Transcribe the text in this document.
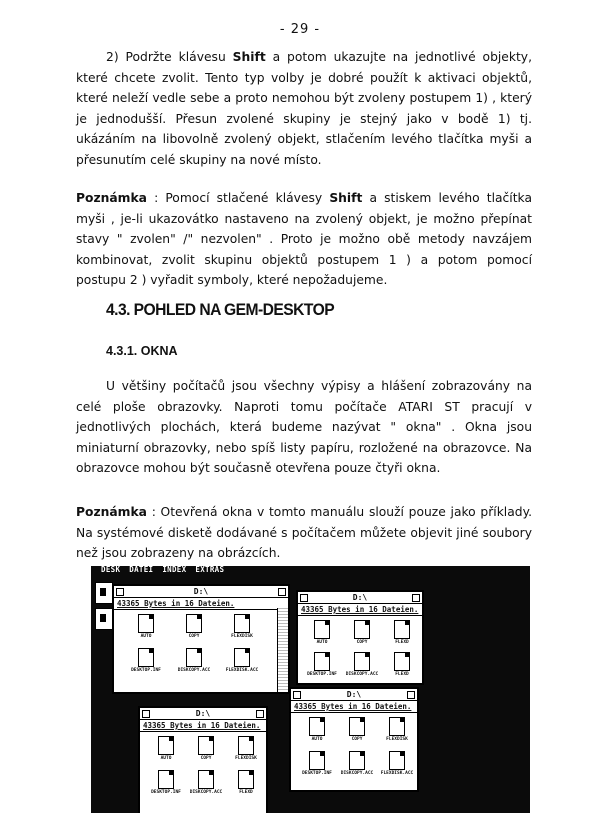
- 29 -

2) Podržte klávesu Shift a potom ukazujte na jednotlivé objekty, které chcete zvolit. Tento typ volby je dobré použít k aktivaci objektů, které neleží vedle sebe a proto nemohou být zvoleny postupem 1) , který je jednodušší. Přesun zvolené skupiny je stejný jako v bodě 1) tj. ukázáním na libovolně zvolený objekt, stlačením levého tlačítka myši a přesunutím celé skupiny na nové místo.

Poznámka : Pomocí stlačené klávesy Shift a stiskem levého tlačítka myši , je-li ukazovátko nastaveno na zvolený objekt, je možno přepínat stavy " zvolen" /" nezvolen" . Proto je možno obě metody navzájem kombinovat, zvolit skupinu objektů postupem 1 ) a potom pomocí postupu 2 ) vyřadit symboly, které nepožadujeme.

4.3. POHLED NA GEM-DESKTOP
4.3.1. OKNA

U většiny počítačů jsou všechny výpisy a hlášení zobrazovány na celé ploše obrazovky. Naproti tomu počítače ATARI ST pracují v jednotlivých plochách, která budeme nazývat " okna" . Okna jsou miniaturní obrazovky, nebo spíš listy papíru, rozložené na obrazovce. Na obrazovce mohou být současně otevřena pouze čtyři okna.

Poznámka : Otevřená okna v tomto manuálu slouží pouze jako příklady. Na systémové disketě dodávané s počítačem můžete objevit jiné soubory než jsou zobrazeny na obrázcích.

DESK DATEI INDEX EXTRAS
D:\
43365 Bytes in 16 Dateien.
AUTO	COPY	FLEXDISK
DESKTOP.INF	DISKCOPY.ACC	FLEXDISK.ACC
D:\
43365 Bytes in 16 Dateien.
AUTO	COPY	FLEXD
DESKTOP.INF	DISKCOPY.ACC	FLEXD
D:\
43365 Bytes in 16 Dateien.
AUTO	COPY	FLEXDISK
DESKTOP.INF	DISKCOPY.ACC	FLEXD
D:\
43365 Bytes in 16 Dateien.
AUTO	COPY	FLEXDISK
DESKTOP.INF	DISKCOPY.ACC	FLEXDISK.ACC
